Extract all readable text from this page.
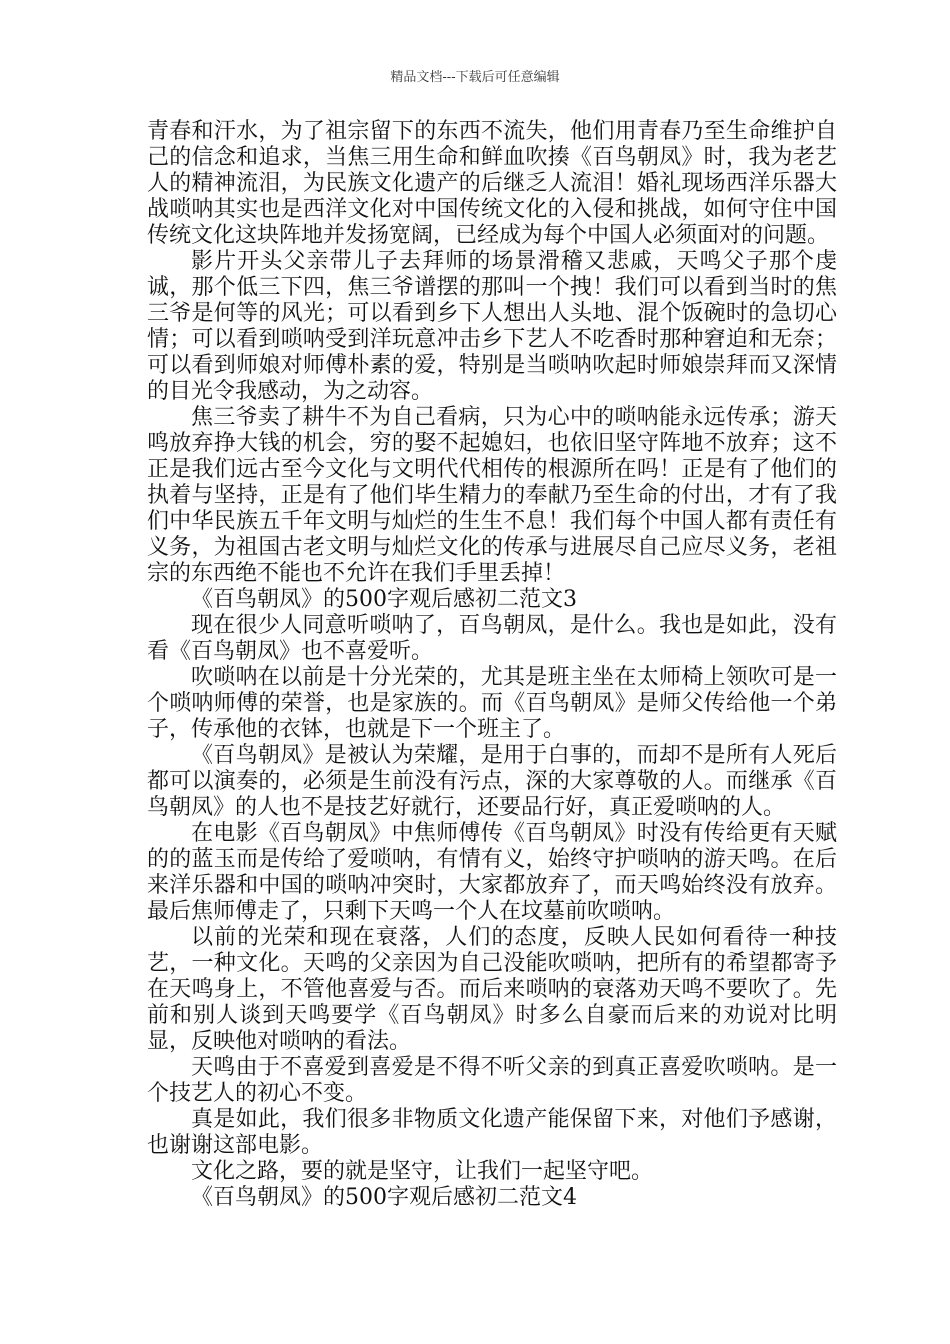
精品文档---下载后可任意编辑

青春和汗水，为了祖宗留下的东西不流失，他们用青春乃至生命维护自己的信念和追求，当焦三用生命和鲜血吹揍《百鸟朝凤》时，我为老艺人的精神流泪，为民族文化遗产的后继乏人流泪！婚礼现场西洋乐器大战唢呐其实也是西洋文化对中国传统文化的入侵和挑战，如何守住中国传统文化这块阵地并发扬宽阔，已经成为每个中国人必须面对的问题。

影片开头父亲带儿子去拜师的场景滑稽又悲戚，天鸣父子那个虔诚，那个低三下四，焦三爷谱摆的那叫一个拽！我们可以看到当时的焦三爷是何等的风光；可以看到乡下人想出人头地、混个饭碗时的急切心情；可以看到唢呐受到洋玩意冲击乡下艺人不吃香时那种窘迫和无奈；可以看到师娘对师傅朴素的爱，特别是当唢呐吹起时师娘崇拜而又深情的目光令我感动，为之动容。

焦三爷卖了耕牛不为自己看病，只为心中的唢呐能永远传承；游天鸣放弃挣大钱的机会，穷的娶不起媳妇，也依旧坚守阵地不放弃；这不正是我们远古至今文化与文明代代相传的根源所在吗！正是有了他们的执着与坚持，正是有了他们毕生精力的奉献乃至生命的付出，才有了我们中华民族五千年文明与灿烂的生生不息！我们每个中国人都有责任有义务，为祖国古老文明与灿烂文化的传承与进展尽自己应尽义务，老祖宗的东西绝不能也不允许在我们手里丢掉！

《百鸟朝凤》的500字观后感初二范文3

现在很少人同意听唢呐了，百鸟朝凤，是什么。我也是如此，没有看《百鸟朝凤》也不喜爱听。

吹唢呐在以前是十分光荣的，尤其是班主坐在太师椅上领吹可是一个唢呐师傅的荣誉，也是家族的。而《百鸟朝凤》是师父传给他一个弟子，传承他的衣钵，也就是下一个班主了。

《百鸟朝凤》是被认为荣耀，是用于白事的，而却不是所有人死后都可以演奏的，必须是生前没有污点，深的大家尊敬的人。而继承《百鸟朝凤》的人也不是技艺好就行，还要品行好，真正爱唢呐的人。

在电影《百鸟朝凤》中焦师傅传《百鸟朝凤》时没有传给更有天赋的的蓝玉而是传给了爱唢呐，有情有义，始终守护唢呐的游天鸣。在后来洋乐器和中国的唢呐冲突时，大家都放弃了，而天鸣始终没有放弃。最后焦师傅走了，只剩下天鸣一个人在坟墓前吹唢呐。

以前的光荣和现在衰落，人们的态度，反映人民如何看待一种技艺，一种文化。天鸣的父亲因为自己没能吹唢呐，把所有的希望都寄予在天鸣身上，不管他喜爱与否。而后来唢呐的衰落劝天鸣不要吹了。先前和别人谈到天鸣要学《百鸟朝凤》时多么自豪而后来的劝说对比明显，反映他对唢呐的看法。

天鸣由于不喜爱到喜爱是不得不听父亲的到真正喜爱吹唢呐。是一个技艺人的初心不变。

真是如此，我们很多非物质文化遗产能保留下来，对他们予感谢，也谢谢这部电影。

文化之路，要的就是坚守，让我们一起坚守吧。

《百鸟朝凤》的500字观后感初二范文4
